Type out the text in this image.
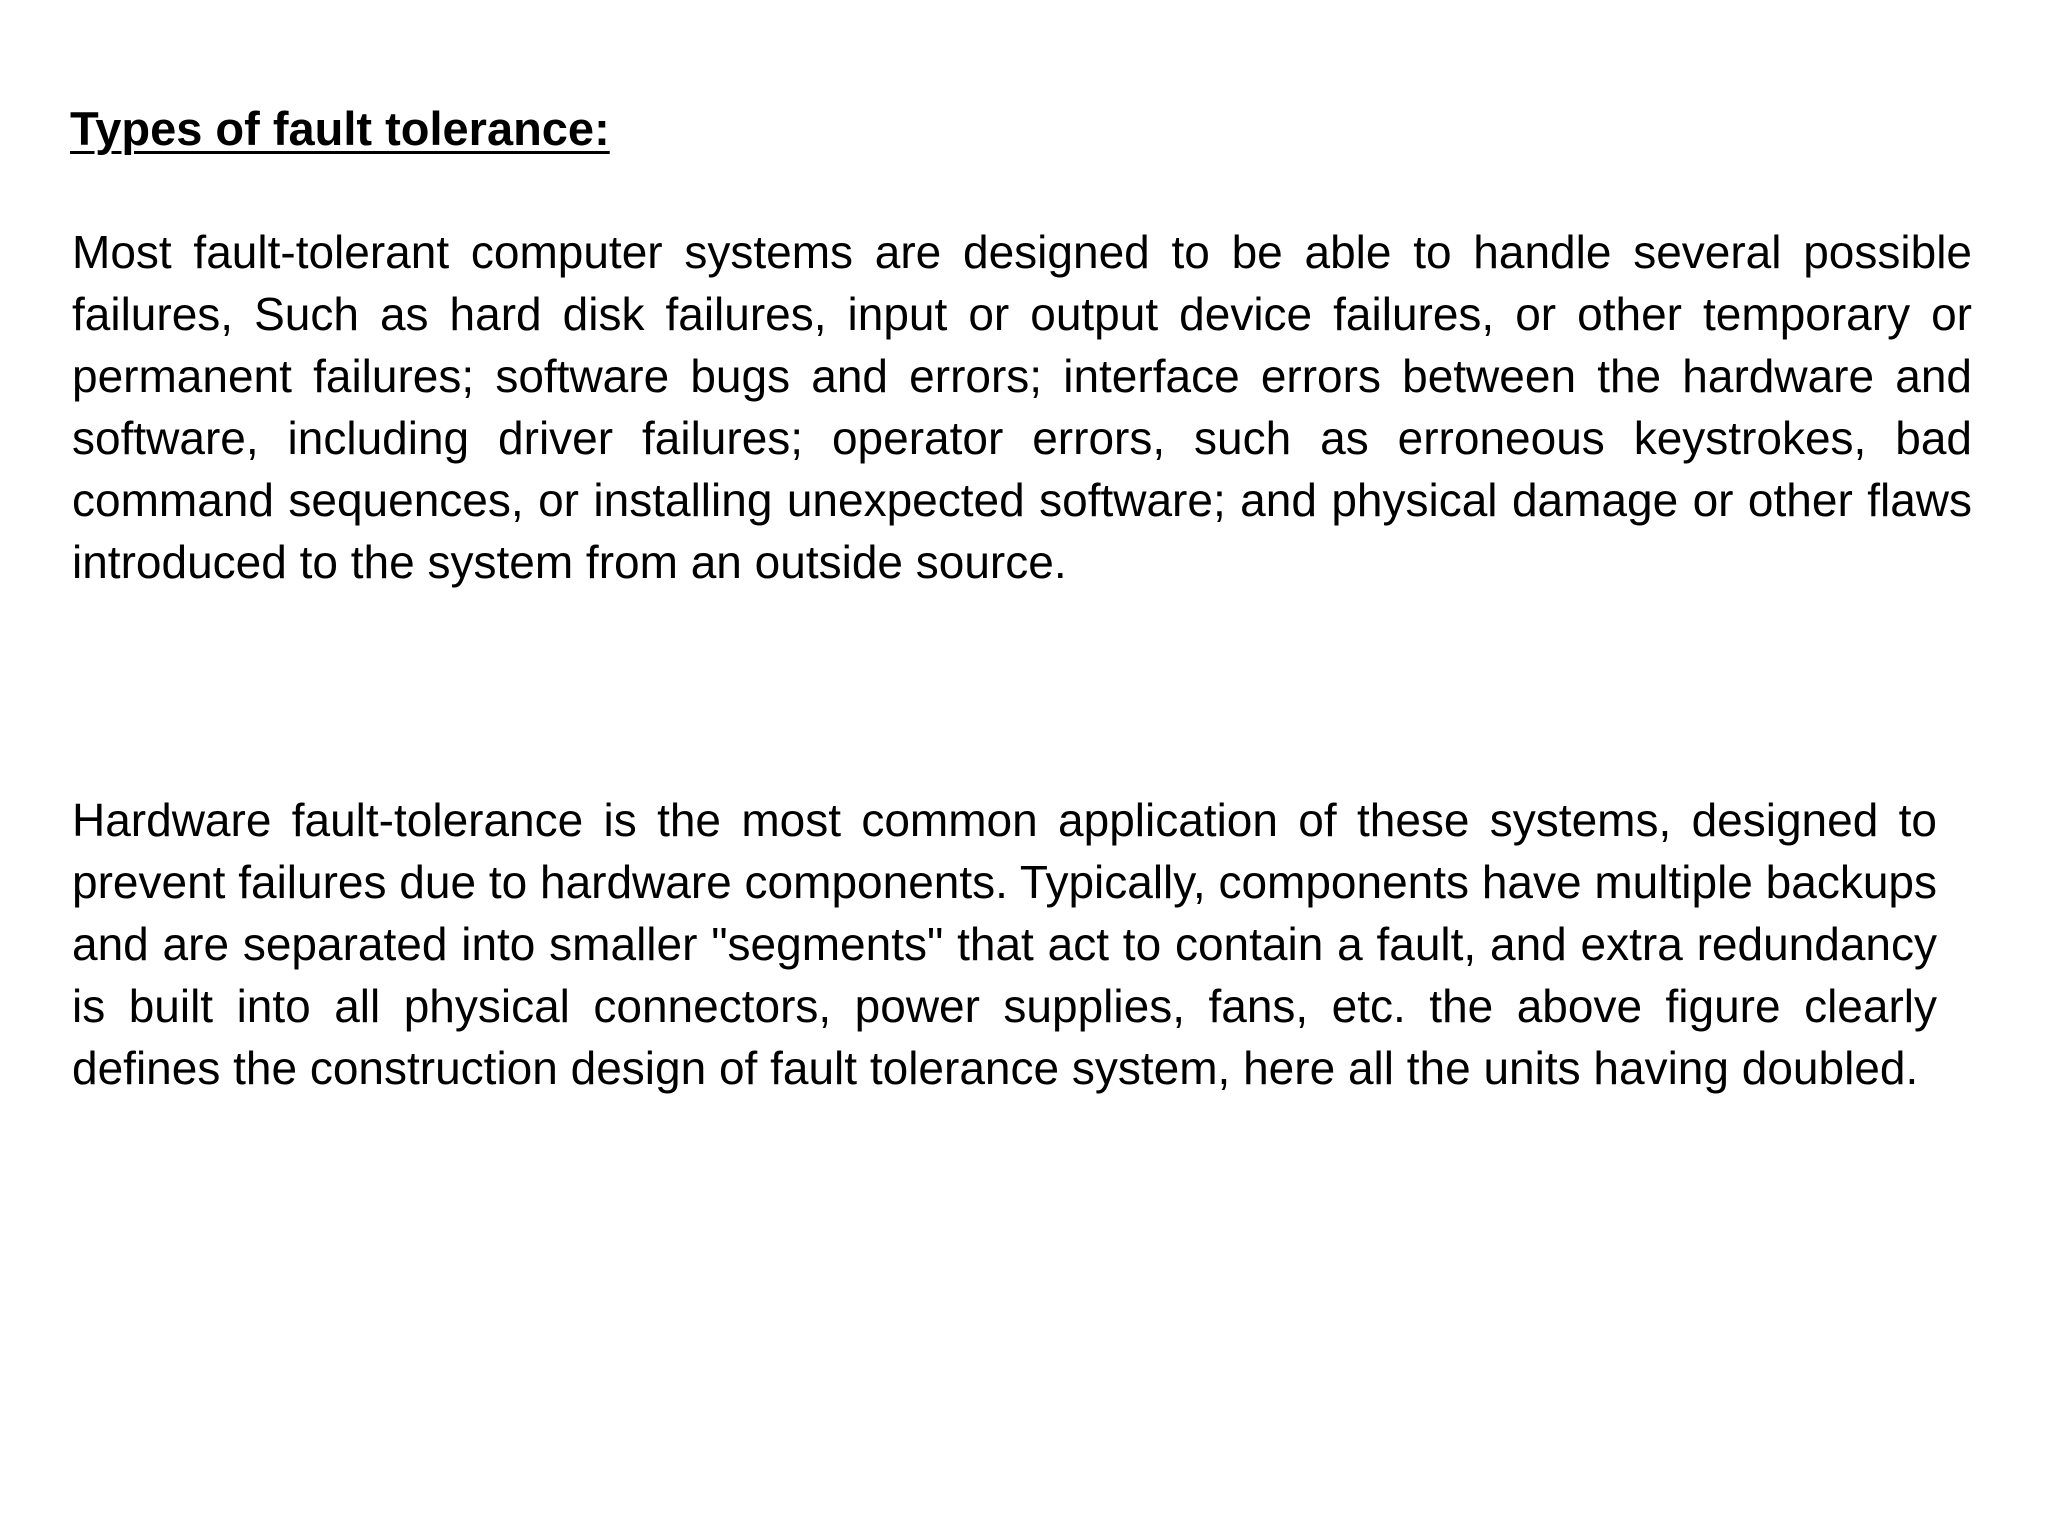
Types of fault tolerance:

Most fault-tolerant computer systems are designed to be able to handle several possible failures, Such as hard disk failures, input or output device failures, or other temporary or permanent failures; software bugs and errors; interface errors between the hardware and software, including driver failures; operator errors, such as erroneous keystrokes, bad command sequences, or installing unexpected software; and physical damage or other flaws introduced to the system from an outside source.

Hardware fault-tolerance is the most common application of these systems, designed to prevent failures due to hardware components. Typically, components have multiple backups and are separated into smaller "segments" that act to contain a fault, and extra redundancy is built into all physical connectors, power supplies, fans, etc. the above figure clearly defines the construction design of fault tolerance system, here all the units having doubled.
